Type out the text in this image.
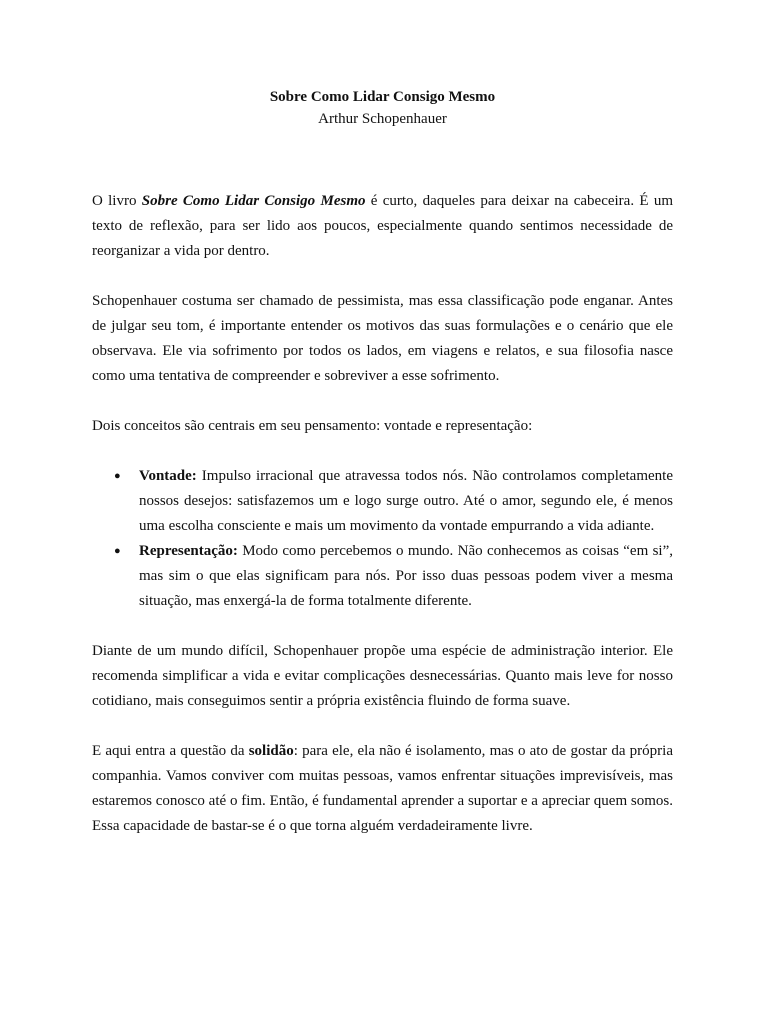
Sobre Como Lidar Consigo Mesmo
Arthur Schopenhauer

O livro Sobre Como Lidar Consigo Mesmo é curto, daqueles para deixar na cabeceira. É um texto de reflexão, para ser lido aos poucos, especialmente quando sentimos necessidade de reorganizar a vida por dentro.

Schopenhauer costuma ser chamado de pessimista, mas essa classificação pode enganar. Antes de julgar seu tom, é importante entender os motivos das suas formulações e o cenário que ele observava. Ele via sofrimento por todos os lados, em viagens e relatos, e sua filosofia nasce como uma tentativa de compreender e sobreviver a esse sofrimento.

Dois conceitos são centrais em seu pensamento: vontade e representação:

● Vontade: Impulso irracional que atravessa todos nós. Não controlamos completamente nossos desejos: satisfazemos um e logo surge outro. Até o amor, segundo ele, é menos uma escolha consciente e mais um movimento da vontade empurrando a vida adiante.
● Representação: Modo como percebemos o mundo. Não conhecemos as coisas “em si”, mas sim o que elas significam para nós. Por isso duas pessoas podem viver a mesma situação, mas enxergá-la de forma totalmente diferente.

Diante de um mundo difícil, Schopenhauer propõe uma espécie de administração interior. Ele recomenda simplificar a vida e evitar complicações desnecessárias. Quanto mais leve for nosso cotidiano, mais conseguimos sentir a própria existência fluindo de forma suave.

E aqui entra a questão da solidão: para ele, ela não é isolamento, mas o ato de gostar da própria companhia. Vamos conviver com muitas pessoas, vamos enfrentar situações imprevisíveis, mas estaremos conosco até o fim. Então, é fundamental aprender a suportar e a apreciar quem somos. Essa capacidade de bastar-se é o que torna alguém verdadeiramente livre.
